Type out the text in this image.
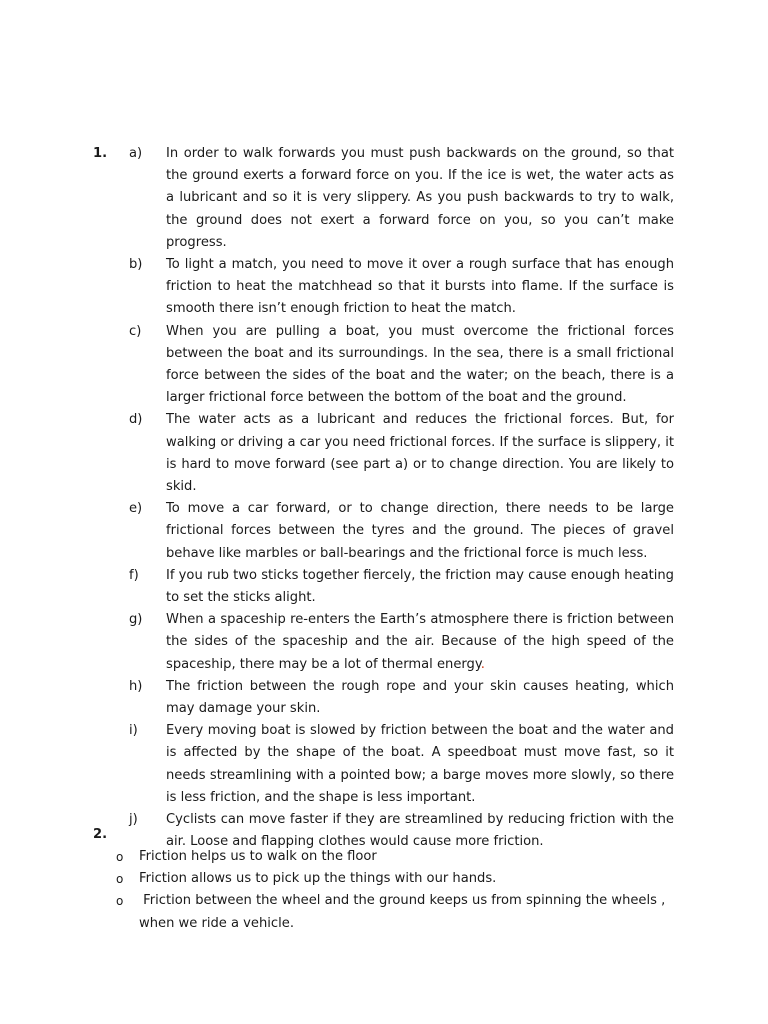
1. a) In order to walk forwards you must push backwards on the ground, so that the ground exerts a forward force on you. If the ice is wet, the water acts as a lubricant and so it is very slippery. As you push backwards to try to walk, the ground does not exert a forward force on you, so you can’t make progress.
b) To light a match, you need to move it over a rough surface that has enough friction to heat the matchhead so that it bursts into flame. If the surface is smooth there isn’t enough friction to heat the match.
c) When you are pulling a boat, you must overcome the frictional forces between the boat and its surroundings. In the sea, there is a small frictional force between the sides of the boat and the water; on the beach, there is a larger frictional force between the bottom of the boat and the ground.
d) The water acts as a lubricant and reduces the frictional forces. But, for walking or driving a car you need frictional forces. If the surface is slippery, it is hard to move forward (see part a) or to change direction. You are likely to skid.
e) To move a car forward, or to change direction, there needs to be large frictional forces between the tyres and the ground. The pieces of gravel behave like marbles or ball-bearings and the frictional force is much less.
f) If you rub two sticks together fiercely, the friction may cause enough heating to set the sticks alight.
g) When a spaceship re-enters the Earth’s atmosphere there is friction between the sides of the spaceship and the air. Because of the high speed of the spaceship, there may be a lot of thermal energy.
h) The friction between the rough rope and your skin causes heating, which may damage your skin.
i) Every moving boat is slowed by friction between the boat and the water and is affected by the shape of the boat. A speedboat must move fast, so it needs streamlining with a pointed bow; a barge moves more slowly, so there is less friction, and the shape is less important.
j) Cyclists can move faster if they are streamlined by reducing friction with the air. Loose and flapping clothes would cause more friction.
2.
o Friction helps us to walk on the floor
o Friction allows us to pick up the things with our hands.
o Friction between the wheel and the ground keeps us from spinning the wheels , when we ride a vehicle.
